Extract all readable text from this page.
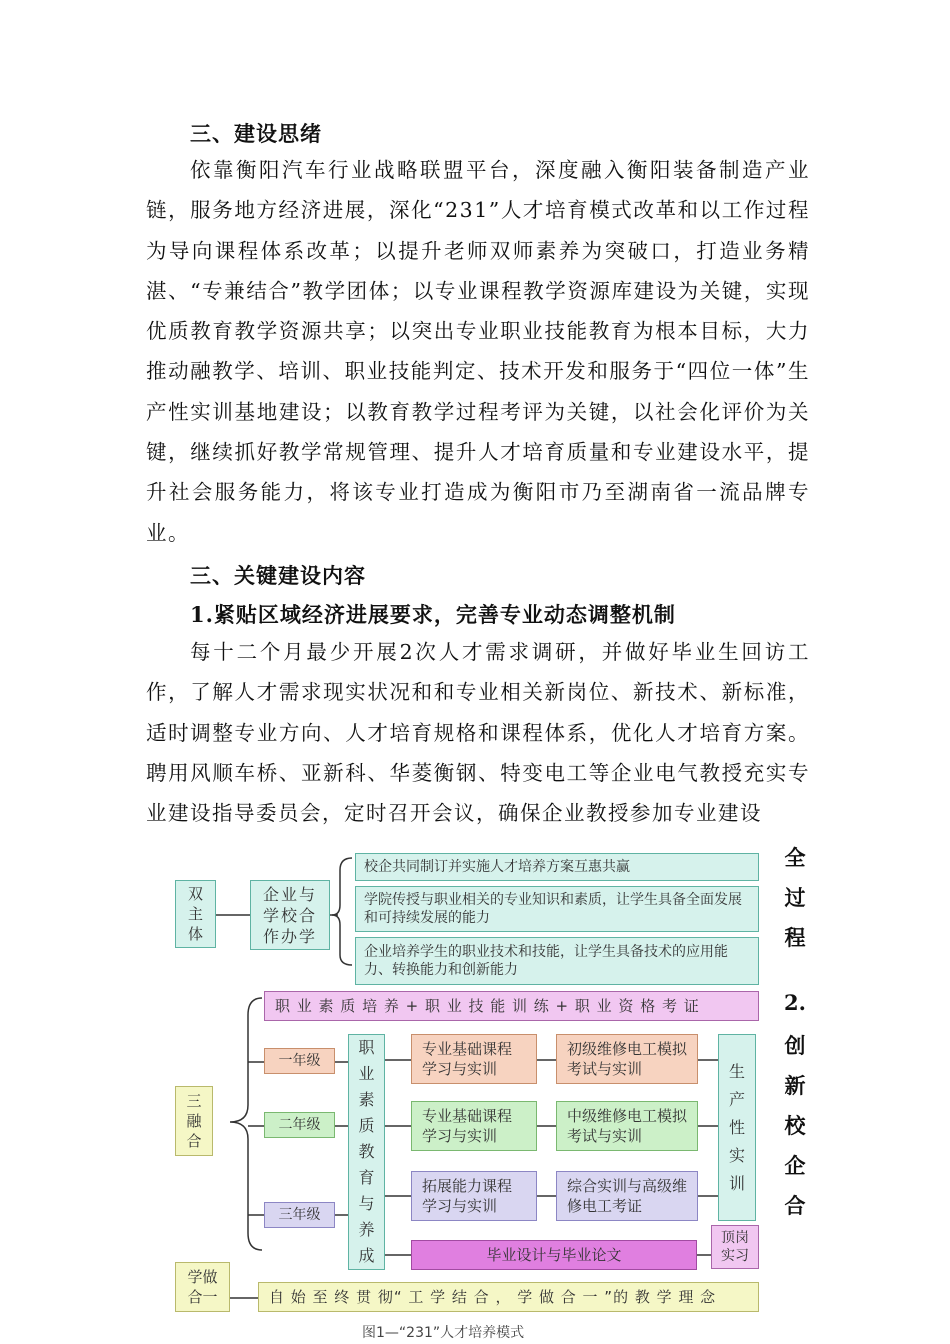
三、建设思绪

依靠衡阳汽车行业战略联盟平台，深度融入衡阳装备制造产业链，服务地方经济进展，深化“231”人才培育模式改革和以工作过程为导向课程体系改革；以提升老师双师素养为突破口，打造业务精湛、“专兼结合”教学团体；以专业课程教学资源库建设为关键，实现优质教育教学资源共享；以突出专业职业技能教育为根本目标，大力推动融教学、培训、职业技能判定、技术开发和服务于“四位一体”生产性实训基地建设；以教育教学过程考评为关键，以社会化评价为关键，继续抓好教学常规管理、提升人才培育质量和专业建设水平，提升社会服务能力，将该专业打造成为衡阳市乃至湖南省一流品牌专业。

三、关键建设内容
1.紧贴区域经济进展要求，完善专业动态调整机制

每十二个月最少开展2次人才需求调研，并做好毕业生回访工作，了解人才需求现实状况和和专业相关新岗位、新技术、新标准，适时调整专业方向、人才培育规格和课程体系，优化人才培育方案。聘用风顺车桥、亚新科、华菱衡钢、特变电工等企业电气教授充实专业建设指导委员会，定时召开会议，确保企业教授参加专业建设

全
过
程
2.
创
新
校
企
合
双主体
企业与学校合作办学
校企共同制订并实施人才培养方案互惠共赢
学院传授与职业相关的专业知识和素质，让学生具备全面发展和可持续发展的能力
企业培养学生的职业技术和技能，让学生具备技术的应用能力、转换能力和创新能力
职 业 素 质 培 养 + 职 业 技 能 训 练 + 职 业 资 格 考 证
三融合
一年级
二年级
三年级
职业素质教育与养成
专业基础课程学习与实训
初级维修电工模拟考试与实训
专业基础课程学习与实训
中级维修电工模拟考试与实训
拓展能力课程学习与实训
综合实训与高级维修电工考证
生产性实训
毕业设计与毕业论文
顶岗实习
学做合一	自 始 至 终 贯 彻“ 工 学 结 合 ， 学 做 合 一 ”的 教 学 理 念
图1—“231”人才培养模式
